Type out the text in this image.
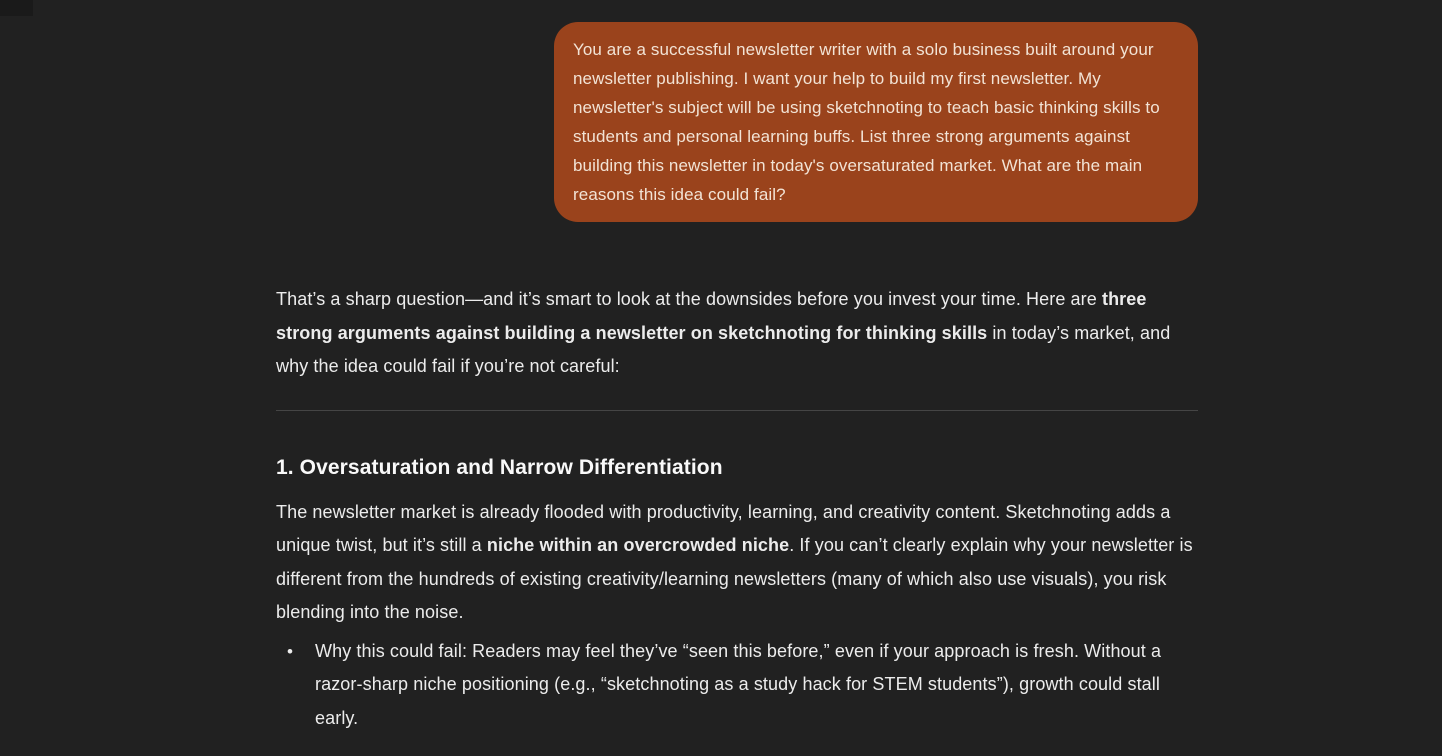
You are a successful newsletter writer with a solo business built around your newsletter publishing. I want your help to build my first newsletter. My newsletter's subject will be using sketchnoting to teach basic thinking skills to students and personal learning buffs. List three strong arguments against building this newsletter in today's oversaturated market. What are the main reasons this idea could fail?

That’s a sharp question—and it’s smart to look at the downsides before you invest your time. Here are three strong arguments against building a newsletter on sketchnoting for thinking skills in today’s market, and why the idea could fail if you’re not careful:

1. Oversaturation and Narrow Differentiation

The newsletter market is already flooded with productivity, learning, and creativity content. Sketchnoting adds a unique twist, but it’s still a niche within an overcrowded niche. If you can’t clearly explain why your newsletter is different from the hundreds of existing creativity/learning newsletters (many of which also use visuals), you risk blending into the noise.

• Why this could fail: Readers may feel they’ve “seen this before,” even if your approach is fresh. Without a razor-sharp niche positioning (e.g., “sketchnoting as a study hack for STEM students”), growth could stall early.
